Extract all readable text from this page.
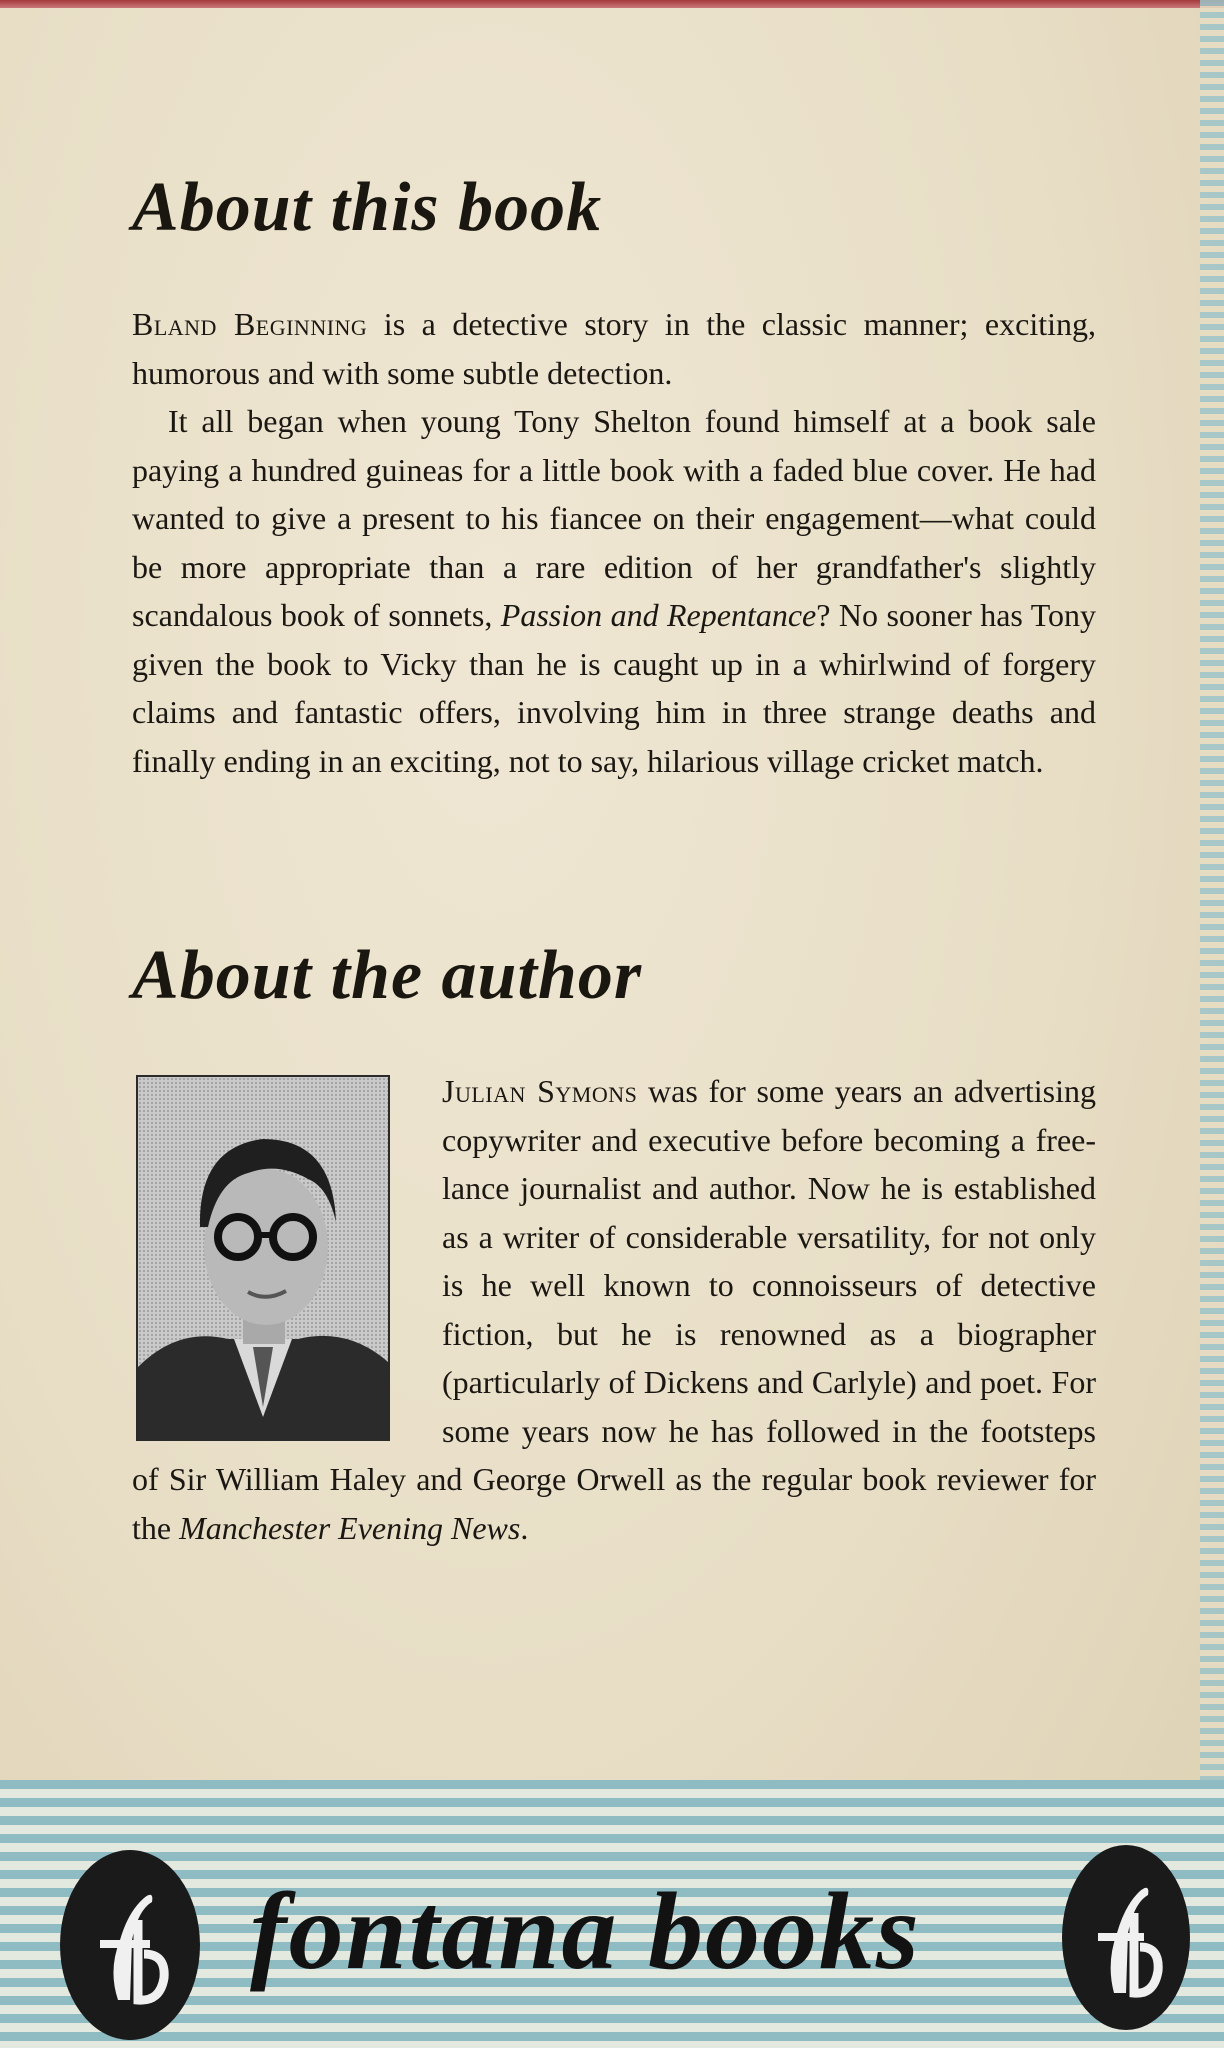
About this book

Bland Beginning is a detective story in the classic manner; exciting, humorous and with some subtle detection.

It all began when young Tony Shelton found himself at a book sale paying a hundred guineas for a little book with a faded blue cover. He had wanted to give a present to his fiancee on their engagement—what could be more appropriate than a rare edition of her grandfather's slightly scandalous book of sonnets, Passion and Repentance? No sooner has Tony given the book to Vicky than he is caught up in a whirlwind of forgery claims and fantastic offers, involving him in three strange deaths and finally ending in an exciting, not to say, hilarious village cricket match.

About the author

Julian Symons was for some years an advertising copywriter and executive before becoming a free-lance journalist and author. Now he is established as a writer of considerable versatility, for not only is he well known to connoisseurs of detective fiction, but he is renowned as a biographer (particularly of Dickens and Carlyle) and poet. For some years now he has followed in the footsteps of Sir William Haley and George Orwell as the regular book reviewer for the Manchester Evening News.

fontana books
